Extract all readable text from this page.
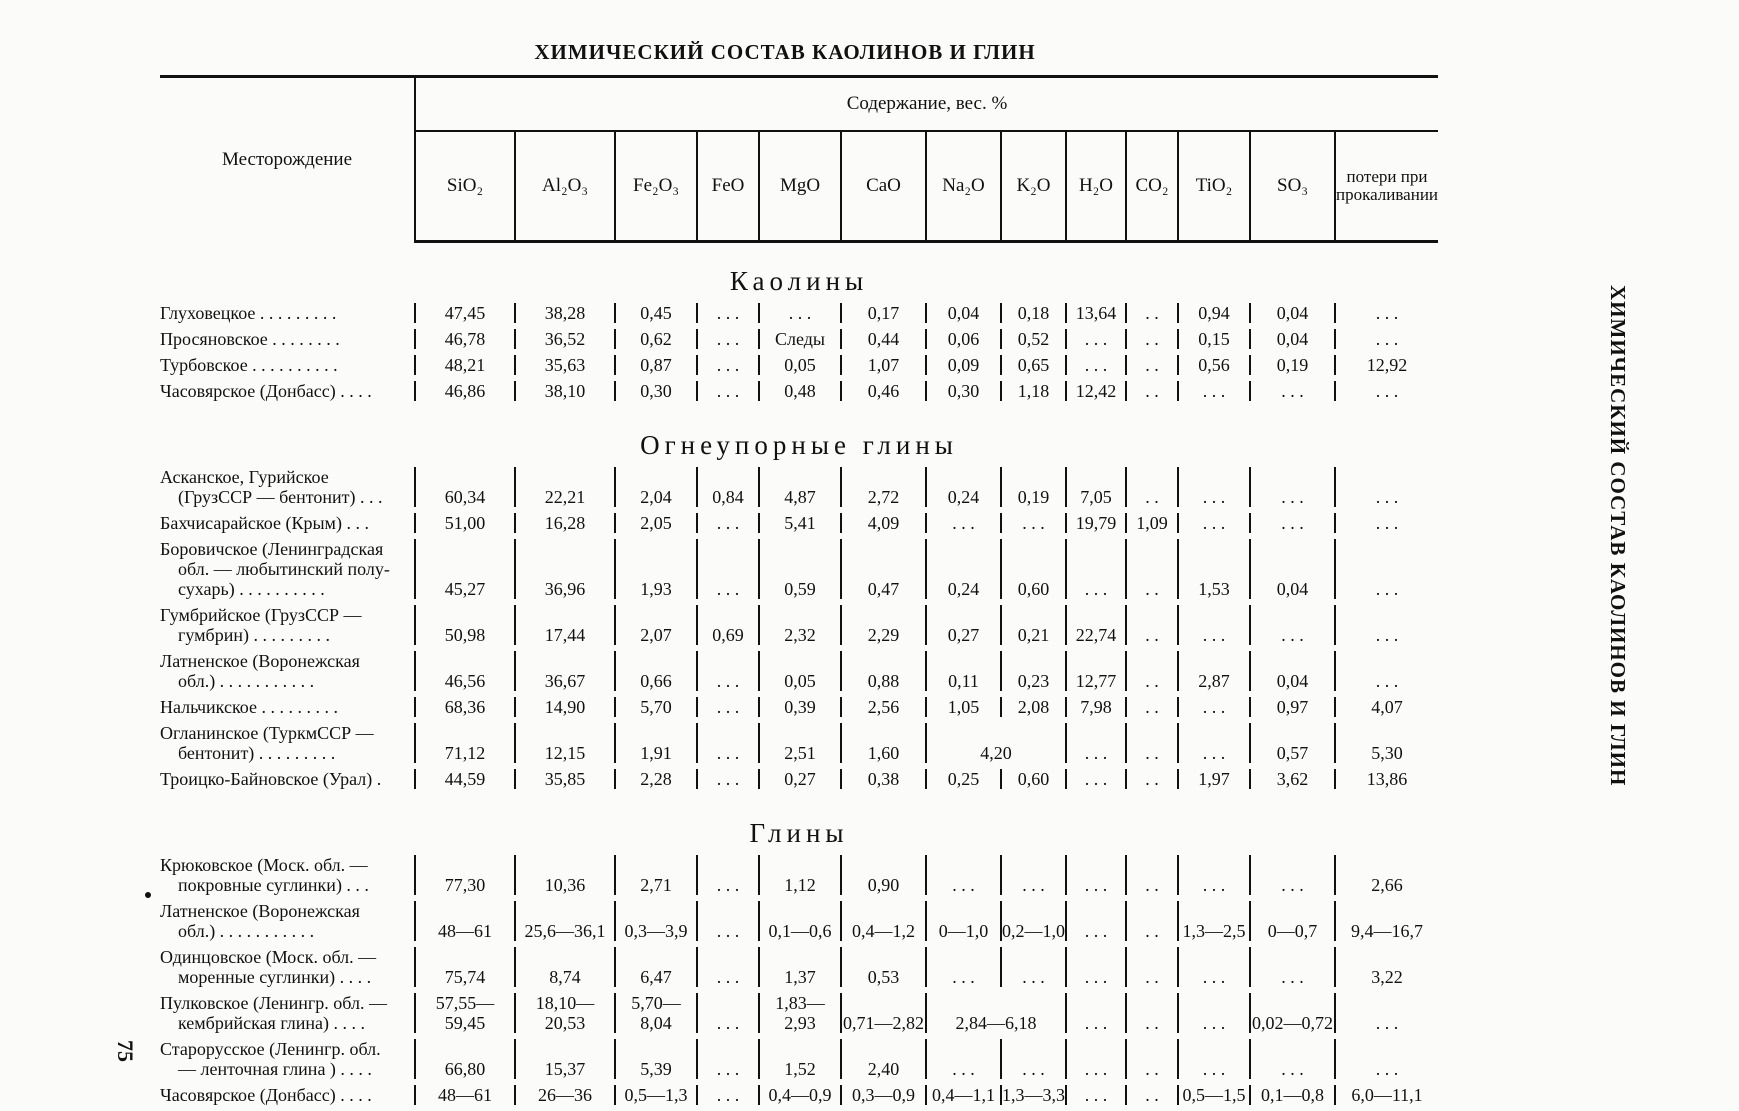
ХИМИЧЕСКИЙ СОСТАВ КАОЛИНОВ И ГЛИН
ХИМИЧЕСКИЙ СОСТАВ КАОЛИНОВ И ГЛИН
75
Месторождение	Содержание, вес. %												
	SiO₂	Al₂O₃	Fe₂O₃	FeO	MgO	CaO	Na₂O	K₂O	H₂O	CO₂	TiO₂	SO₃	потери при прокаливании
Каолины													

Глуховецкое . . . . . . . . .	47,45	38,28	0,45	. . .	. . .	0,17	0,04	0,18	13,64	. .	0,94	0,04	. . .

Просяновское . . . . . . . .	46,78	36,52	0,62	. . .	Следы	0,44	0,06	0,52	. . .	. .	0,15	0,04	. . .

Турбовское . . . . . . . . . .	48,21	35,63	0,87	. . .	0,05	1,07	0,09	0,65	. . .	. .	0,56	0,19	12,92

Часовярское (Донбасс) . . . .	46,86	38,10	0,30	. . .	0,48	0,46	0,30	1,18	12,42	. .	. . .	. . .	. . .

Огнеупорные глины													

Асканское, Гурийское
(ГрузССР — бентонит) . . .	60,34	22,21	2,04	0,84	4,87	2,72	0,24	0,19	7,05	. .	. . .	. . .	. . .

Бахчисарайское (Крым) . . .	51,00	16,28	2,05	. . .	5,41	4,09	. . .	. . .	19,79	1,09	. . .	. . .	. . .

Боровичское (Ленинградская
обл. — любытинский полу-
сухарь) . . . . . . . . . .	45,27	36,96	1,93	. . .	0,59	0,47	0,24	0,60	. . .	. .	1,53	0,04	. . .

Гумбрийское (ГрузССР —
гумбрин) . . . . . . . . .	50,98	17,44	2,07	0,69	2,32	2,29	0,27	0,21	22,74	. .	. . .	. . .	. . .

Латненское (Воронежская
обл.) . . . . . . . . . . .	46,56	36,67	0,66	. . .	0,05	0,88	0,11	0,23	12,77	. .	2,87	0,04	. . .

Нальчикское . . . . . . . . .	68,36	14,90	5,70	. . .	0,39	2,56	1,05	2,08	7,98	. .	. . .	0,97	4,07

Огланинское (ТуркмССР —
бентонит) . . . . . . . . .	71,12	12,15	1,91	. . .	2,51	1,60	4,20		. . .	. .	. . .	0,57	5,30

Троицко-Байновское (Урал) .	44,59	35,85	2,28	. . .	0,27	0,38	0,25	0,60	. . .	. .	1,97	3,62	13,86

Глины													

Крюковское (Моск. обл. —
покровные суглинки) . . .	77,30	10,36	2,71	. . .	1,12	0,90	. . .	. . .	. . .	. .	. . .	. . .	2,66

Латненское (Воронежская
обл.) . . . . . . . . . . .	48—61	25,6—36,1	0,3—3,9	. . .	0,1—0,6	0,4—1,2	0—1,0	0,2—1,0	. . .	. .	1,3—2,5	0—0,7	9,4—16,7

Одинцовское (Моск. обл. —
моренные суглинки) . . . .	75,74	8,74	6,47	. . .	1,37	0,53	. . .	. . .	. . .	. .	. . .	. . .	3,22

Пулковское (Ленингр. обл. —
кембрийская глина) . . . .	57,55—59,45	18,10—20,53	5,70—8,04	. . .	1,83—2,93	0,71—2,82	2,84—6,18		. . .	. .	. . .	0,02—0,72	. . .

Старорусское (Ленингр. обл.
— ленточная глина ) . . . .	66,80	15,37	5,39	. . .	1,52	2,40	. . .	. . .	. . .	. .	. . .	. . .	. . .

Часовярское (Донбасс) . . . .	48—61	26—36	0,5—1,3	. . .	0,4—0,9	0,3—0,9	0,4—1,1	1,3—3,3	. . .	. .	0,5—1,5	0,1—0,8	6,0—11,1
